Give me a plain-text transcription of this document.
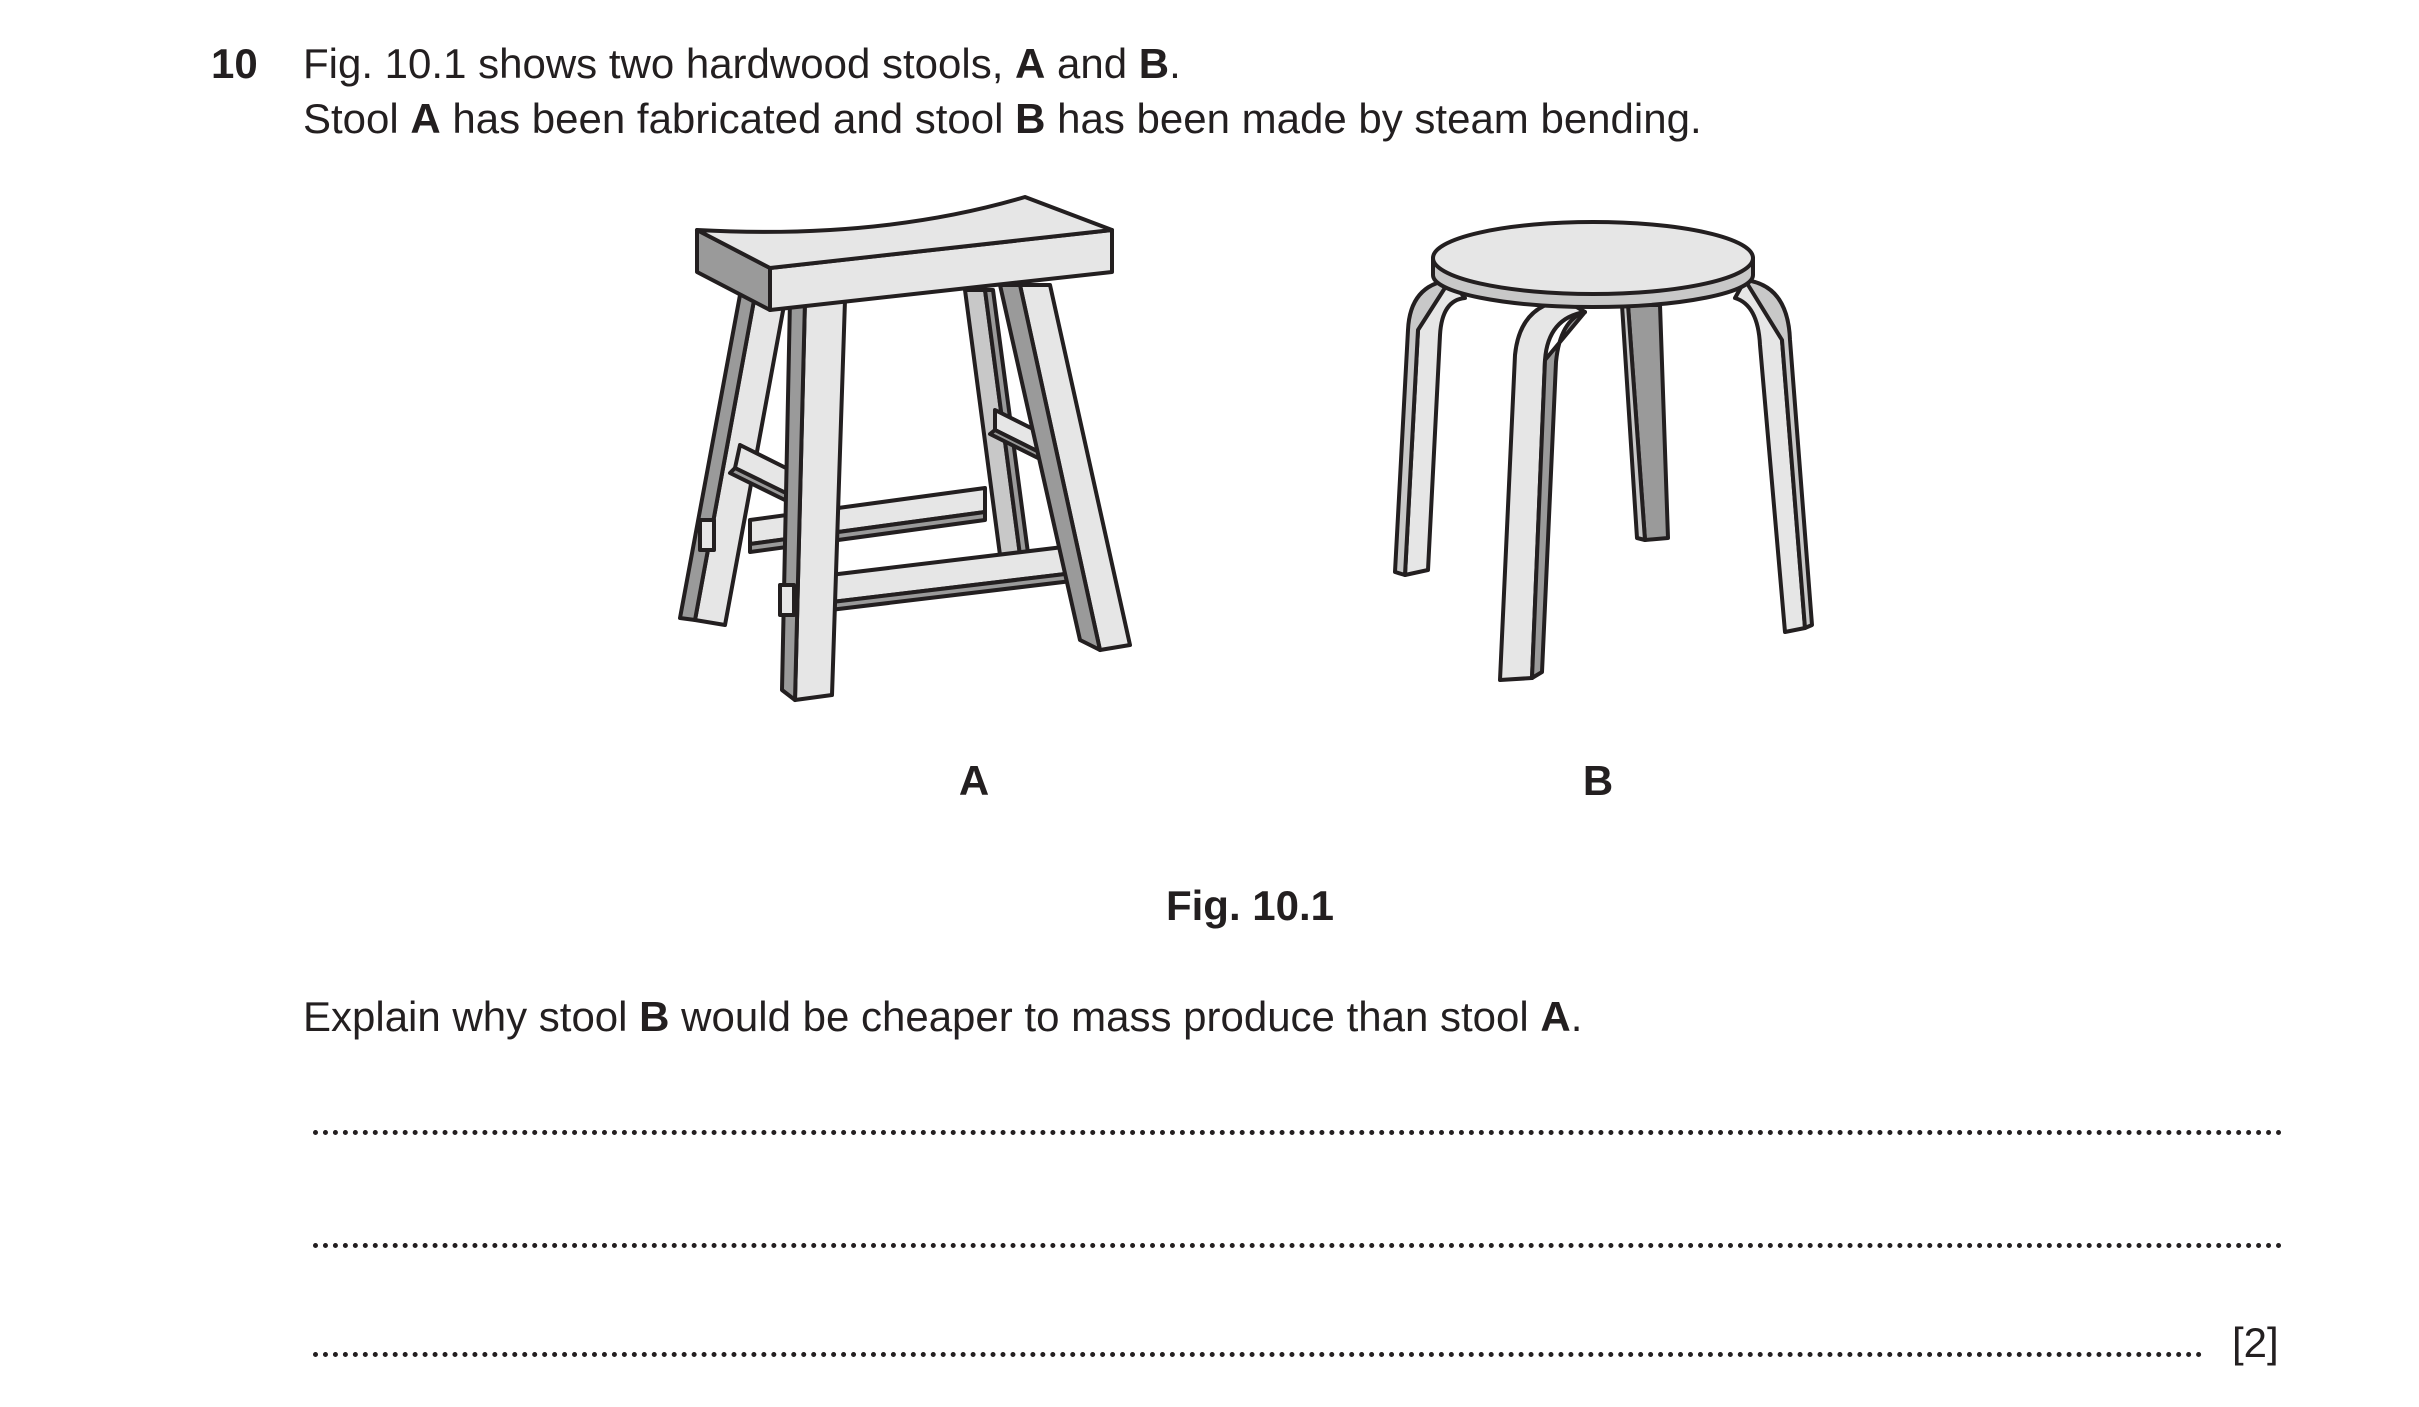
10 Fig. 10.1 shows two hardwood stools, A and B.
Stool A has been fabricated and stool B has been made by steam bending.
A	B
Fig. 10.1
Explain why stool B would be cheaper to mass produce than stool A.
[2]
